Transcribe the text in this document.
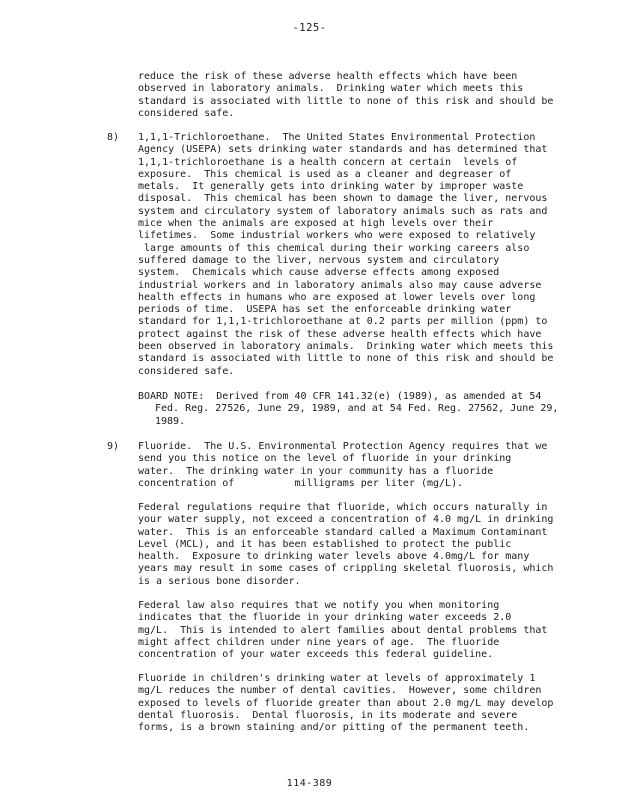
-125-
reduce the risk of these adverse health effects which have been
observed in laboratory animals.  Drinking water which meets this
standard is associated with little to none of this risk and should be
considered safe.
8) 1,1,1-Trichloroethane.  The United States Environmental Protection
Agency (USEPA) sets drinking water standards and has determined that
1,1,1-trichloroethane is a health concern at certain  levels of
exposure.  This chemical is used as a cleaner and degreaser of
metals.  It generally gets into drinking water by improper waste
disposal.  This chemical has been shown to damage the liver, nervous
system and circulatory system of laboratory animals such as rats and
mice when the animals are exposed at high levels over their
lifetimes.  Some industrial workers who were exposed to relatively
large amounts of this chemical during their working careers also
suffered damage to the liver, nervous system and circulatory
system.  Chemicals which cause adverse effects among exposed
industrial workers and in laboratory animals also may cause adverse
health effects in humans who are exposed at lower levels over long
periods of time.  USEPA has set the enforceable drinking water
standard for 1,1,1-trichloroethane at 0.2 parts per million (ppm) to
protect against the risk of these adverse health effects which have
been observed in laboratory animals.  Drinking water which meets this
standard is associated with little to none of this risk and should be
considered safe.
BOARD NOTE:  Derived from 40 CFR 141.32(e) (1989), as amended at 54
Fed. Reg. 27526, June 29, 1989, and at 54 Fed. Reg. 27562, June 29,
1989.
9) Fluoride.  The U.S. Environmental Protection Agency requires that we
send you this notice on the level of fluoride in your drinking
water.  The drinking water in your community has a fluoride
concentration of          milligrams per liter (mg/L).
Federal regulations require that fluoride, which occurs naturally in
your water supply, not exceed a concentration of 4.0 mg/L in drinking
water.  This is an enforceable standard called a Maximum Contaminant
Level (MCL), and it has been established to protect the public
health.  Exposure to drinking water levels above 4.0mg/L for many
years may result in some cases of crippling skeletal fluorosis, which
is a serious bone disorder.
Federal law also requires that we notify you when monitoring
indicates that the fluoride in your drinking water exceeds 2.0
mg/L.  This is intended to alert families about dental problems that
might affect children under nine years of age.  The fluoride
concentration of your water exceeds this federal guideline.
Fluoride in children's drinking water at levels of approximately 1
mg/L reduces the number of dental cavities.  However, some children
exposed to levels of fluoride greater than about 2.0 mg/L may develop
dental fluorosis.  Dental fluorosis, in its moderate and severe
forms, is a brown staining and/or pitting of the permanent teeth.
114-389
